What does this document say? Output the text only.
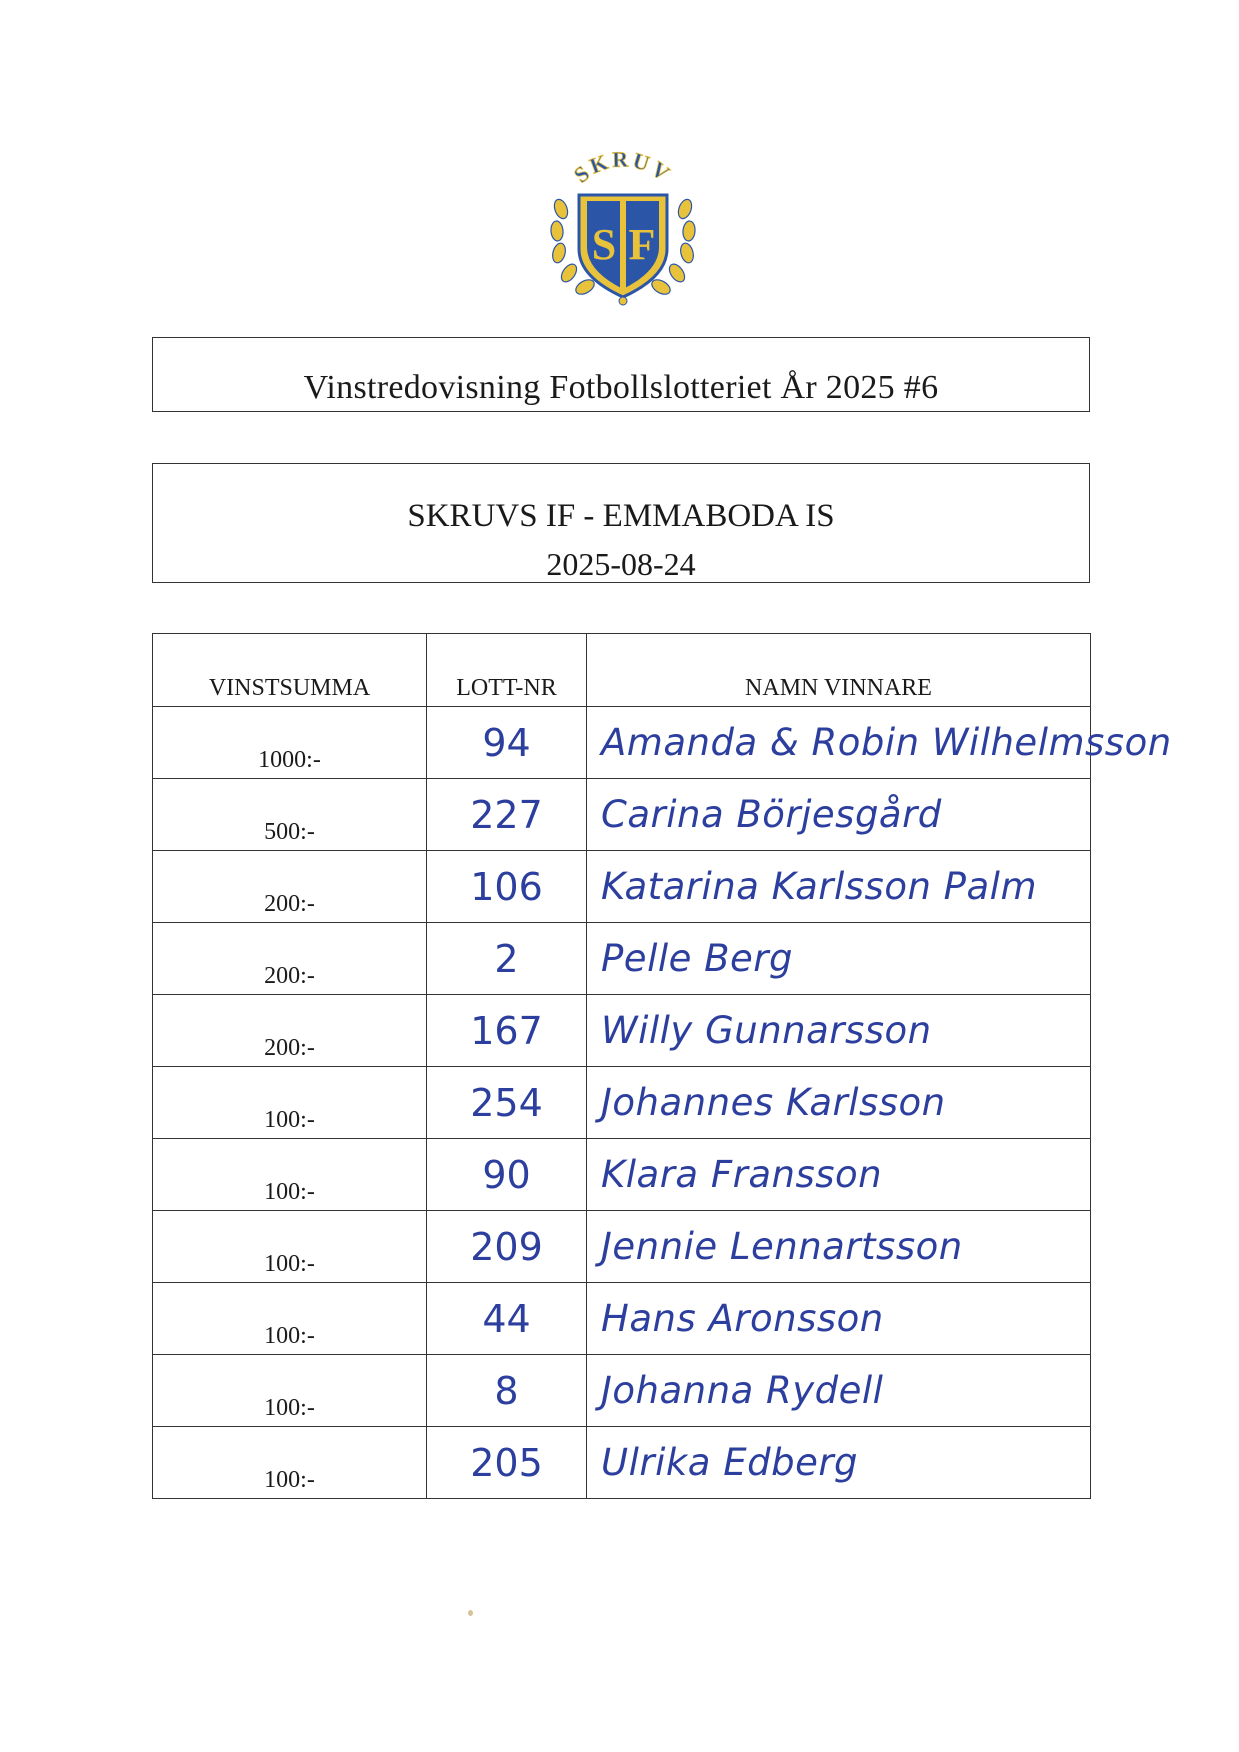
SKRUV
S F
Vinstredovisning Fotbollslotteriet År 2025 #6
SKRUVS IF - EMMABODA IS
2025-08-24
VINSTSUMMA	LOTT-NR	NAMN VINNARE
1000:-	94	Amanda & Robin Wilhelmsson
500:-	227	Carina Börjesgård
200:-	106	Katarina Karlsson Palm
200:-	2	Pelle Berg
200:-	167	Willy Gunnarsson
100:-	254	Johannes Karlsson
100:-	90	Klara Fransson
100:-	209	Jennie Lennartsson
100:-	44	Hans Aronsson
100:-	8	Johanna Rydell
100:-	205	Ulrika Edberg
